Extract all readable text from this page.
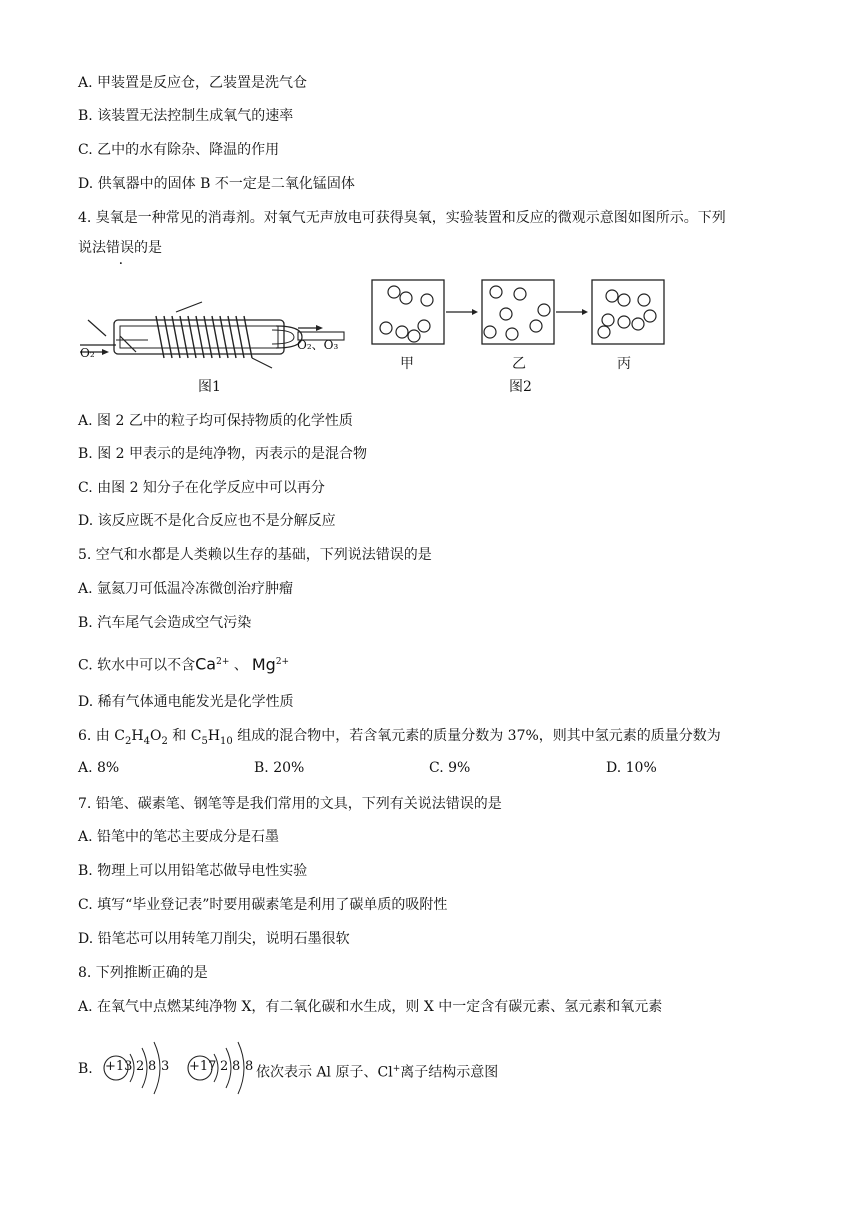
A. 甲装置是反应仓，乙装置是洗气仓
B. 该装置无法控制生成氧气的速率
C. 乙中的水有除杂、降温的作用
D. 供氧器中的固体 B 不一定是二氧化锰固体
4. 臭氧是一种常见的消毒剂。对氧气无声放电可获得臭氧，实验装置和反应的微观示意图如图所示。下列
说法错误的是
O₂
O₂、O₃
图1
甲	乙	丙
图2
A. 图 2 乙中的粒子均可保持物质的化学性质
B. 图 2 甲表示的是纯净物，丙表示的是混合物
C. 由图 2 知分子在化学反应中可以再分
D. 该反应既不是化合反应也不是分解反应
5. 空气和水都是人类赖以生存的基础，下列说法错误的是
A. 氩氦刀可低温冷冻微创治疗肿瘤
B. 汽车尾气会造成空气污染
C. 软水中可以不含$Ca^{2+}$ 、 $Mg^{2+}$
D. 稀有气体通电能发光是化学性质
6. 由 $C_2H_4O_2$ 和 $C_5H_{10}$ 组成的混合物中，若含氧元素的质量分数为 37%，则其中氢元素的质量分数为
A. 8%	B. 20%	C. 9%	D. 10%
7. 铅笔、碳素笔、钢笔等是我们常用的文具，下列有关说法错误的是
A. 铅笔中的笔芯主要成分是石墨
B. 物理上可以用铅笔芯做导电性实验
C. 填写“毕业登记表”时要用碳素笔是利用了碳单质的吸附性
D. 铅笔芯可以用转笔刀削尖，说明石墨很软
8. 下列推断正确的是
A. 在氧气中点燃某纯净物 X，有二氧化碳和水生成，则 X 中一定含有碳元素、氢元素和氧元素
B. +13 2 8 3 +17 2 8 8 依次表示 Al 原子、Cl+离子结构示意图
